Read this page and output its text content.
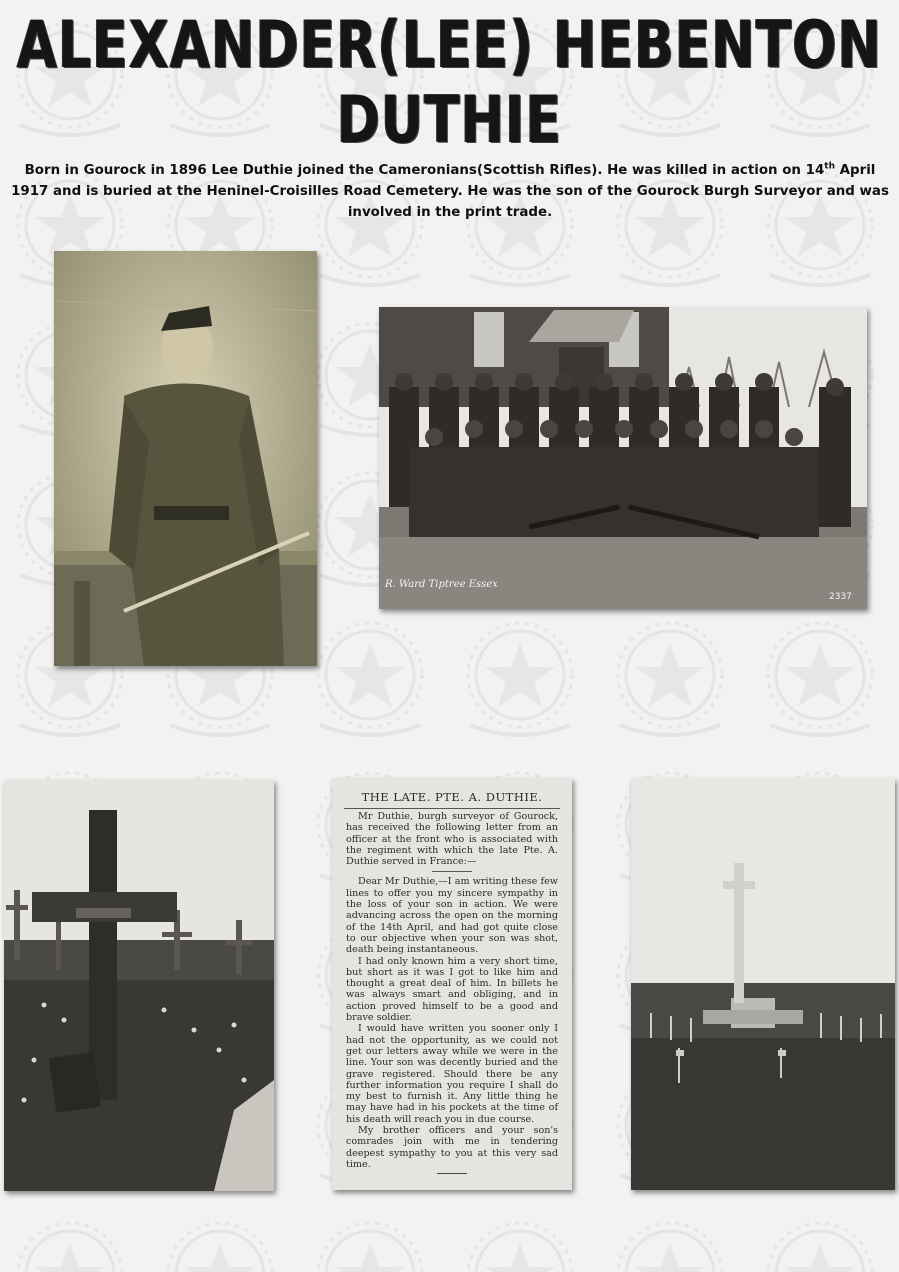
ALEXANDER(LEE) HEBENTON DUTHIE
Born in Gourock in 1896 Lee Duthie joined the Cameronians(Scottish Rifles). He was killed in action on 14th April 1917 and is buried at the Heninel-Croisilles Road Cemetery. He was the son of the Gourock Burgh Surveyor and was involved in the print trade.
R. Ward Tiptree Essex
2337
THE LATE. PTE. A. DUTHIE.

Mr Duthie, burgh surveyor of Gourock, has received the following letter from an officer at the front who is associated with the regiment with which the late Pte. A. Duthie served in France:—

Dear Mr Duthie,—I am writing these few lines to offer you my sincere sympathy in the loss of your son in action. We were advancing across the open on the morning of the 14th April, and had got quite close to our objective when your son was shot, death being instantaneous.

I had only known him a very short time, but short as it was I got to like him and thought a great deal of him. In billets he was always smart and obliging, and in action proved himself to be a good and brave soldier.

I would have written you sooner only I had not the opportunity, as we could not get our letters away while we were in the line. Your son was decently buried and the grave registered. Should there be any further information you require I shall do my best to furnish it. Any little thing he may have had in his pockets at the time of his death will reach you in due course.

My brother officers and your son's comrades join with me in tendering deepest sympathy to you at this very sad time.
